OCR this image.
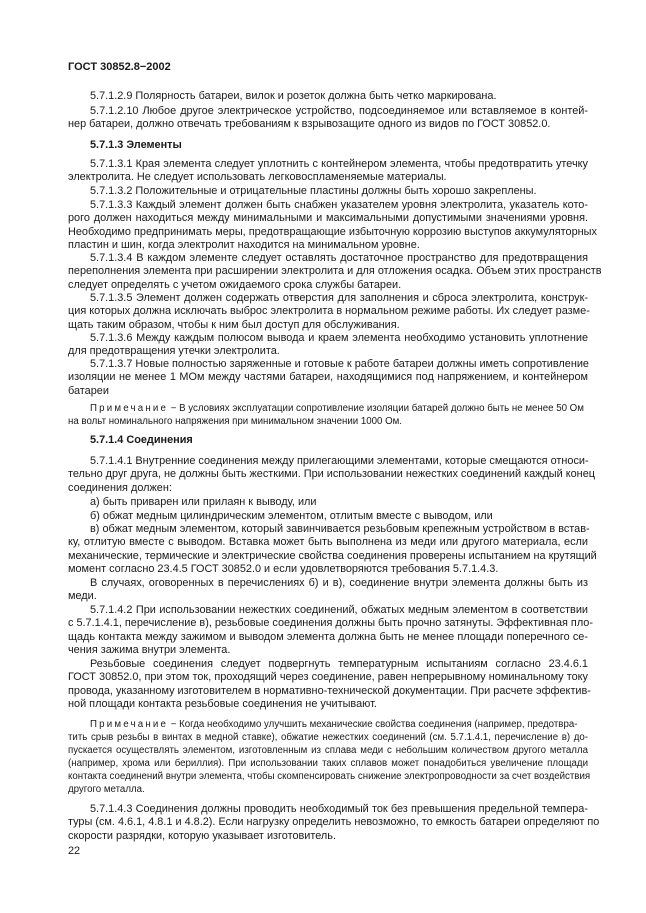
ГОСТ 30852.8−2002
5.7.1.2.9 Полярность батареи, вилок и розеток должна быть четко маркирована.
5.7.1.2.10 Любое другое электрическое устройство, подсоединяемое или вставляемое в контей-
нер батареи, должно отвечать требованиям к взрывозащите одного из видов по ГОСТ 30852.0.
5.7.1.3 Элементы
5.7.1.3.1 Края элемента следует уплотнить с контейнером элемента, чтобы предотвратить утечку
электролита. Не следует использовать легковоспламеняемые материалы.
5.7.1.3.2 Положительные и отрицательные пластины должны быть хорошо закреплены.
5.7.1.3.3 Каждый элемент должен быть снабжен указателем уровня электролита, указатель кото-
рого должен находиться между минимальными и максимальными допустимыми значениями уровня.
Необходимо предпринимать меры, предотвращающие избыточную коррозию выступов аккумуляторных
пластин и шин, когда электролит находится на минимальном уровне.
5.7.1.3.4 В каждом элементе следует оставлять достаточное пространство для предотвращения
переполнения элемента при расширении электролита и для отложения осадка. Объем этих пространств
следует определять с учетом ожидаемого срока службы батареи.
5.7.1.3.5 Элемент должен содержать отверстия для заполнения и сброса электролита, конструк-
ция которых должна исключать выброс электролита в нормальном режиме работы. Их следует разме-
щать таким образом, чтобы к ним был доступ для обслуживания.
5.7.1.3.6 Между каждым полюсом вывода и краем элемента необходимо установить уплотнение
для предотвращения утечки электролита.
5.7.1.3.7 Новые полностью заряженные и готовые к работе батареи должны иметь сопротивление
изоляции не менее 1 МОм между частями батареи, находящимися под напряжением, и контейнером
батареи
Примечание − В условиях эксплуатации сопротивление изоляции батарей должно быть не менее 50 Ом
на вольт номинального напряжения при минимальном значении 1000 Ом.
5.7.1.4 Соединения
5.7.1.4.1 Внутренние соединения между прилегающими элементами, которые смещаются относи-
тельно друг друга, не должны быть жесткими. При использовании нежестких соединений каждый конец
соединения должен:
а) быть приварен или прилаян к выводу, или
б) обжат медным цилиндрическим элементом, отлитым вместе с выводом, или
в) обжат медным элементом, который завинчивается резьбовым крепежным устройством в встав-
ку, отлитую вместе с выводом. Вставка может быть выполнена из меди или другого материала, если
механические, термические и электрические свойства соединения проверены испытанием на крутящий
момент согласно 23.4.5 ГОСТ 30852.0 и если удовлетворяются требования 5.7.1.4.3.
В случаях, оговоренных в перечислениях б) и в), соединение внутри элемента должны быть из
меди.
5.7.1.4.2 При использовании нежестких соединений, обжатых медным элементом в соответствии
с 5.7.1.4.1, перечисление в), резьбовые соединения должны быть прочно затянуты. Эффективная пло-
щадь контакта между зажимом и выводом элемента должна быть не менее площади поперечного се-
чения зажима внутри элемента.
Резьбовые соединения следует подвергнуть температурным испытаниям согласно 23.4.6.1
ГОСТ 30852.0, при этом ток, проходящий через соединение, равен непрерывному номинальному току
провода, указанному изготовителем в нормативно-технической документации. При расчете эффектив-
ной площади контакта резьбовые соединения не учитывают.
Примечание − Когда необходимо улучшить механические свойства соединения (например, предотвра-
тить срыв резьбы в винтах в медной ставке), обжатие нежестких соединений (см. 5.7.1.4.1, перечисление в) до-
пускается осуществлять элементом, изготовленным из сплава меди с небольшим количеством другого металла
(например, хрома или бериллия). При использовании таких сплавов может понадобиться увеличение площади
контакта соединений внутри элемента, чтобы скомпенсировать снижение электропроводности за счет воздействия
другого металла.
5.7.1.4.3 Соединения должны проводить необходимый ток без превышения предельной темпера-
туры (см. 4.6.1, 4.8.1 и 4.8.2). Если нагрузку определить невозможно, то емкость батареи определяют по
скорости разрядки, которую указывает изготовитель.
22
